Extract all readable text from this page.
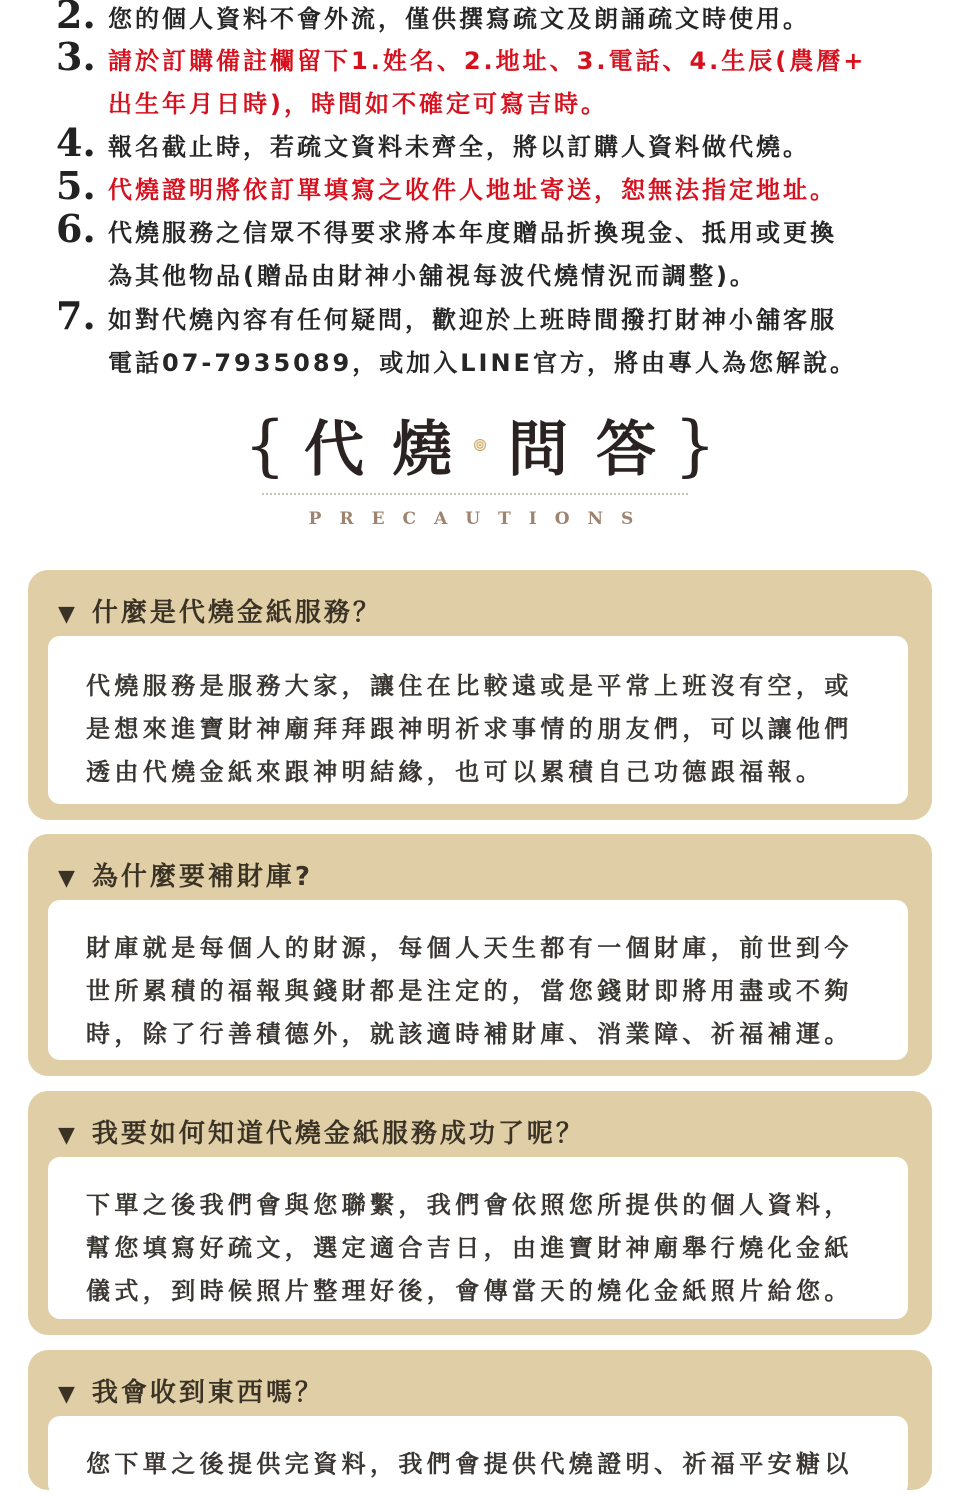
2. 您的個人資料不會外流，僅供撰寫疏文及朗誦疏文時使用。
3. 請於訂購備註欄留下1.姓名、2.地址、3.電話、4.生辰(農曆+
出生年月日時)，時間如不確定可寫吉時。
4. 報名截止時，若疏文資料未齊全，將以訂購人資料做代燒。
5. 代燒證明將依訂單填寫之收件人地址寄送，恕無法指定地址。
6. 代燒服務之信眾不得要求將本年度贈品折換現金、抵用或更換
為其他物品(贈品由財神小舖視每波代燒情況而調整)。
7. 如對代燒內容有任何疑問，歡迎於上班時間撥打財神小舖客服
電話07-7935089，或加入LINE官方，將由專人為您解說。
{ 代 燒 問 答 }
PRECAUTIONS
▼ 什麼是代燒金紙服務？
代燒服務是服務大家，讓住在比較遠或是平常上班沒有空，或
是想來進寶財神廟拜拜跟神明祈求事情的朋友們，可以讓他們
透由代燒金紙來跟神明結緣，也可以累積自己功德跟福報。
▼ 為什麼要補財庫?
財庫就是每個人的財源，每個人天生都有一個財庫，前世到今
世所累積的福報與錢財都是注定的，當您錢財即將用盡或不夠
時，除了行善積德外，就該適時補財庫、消業障、祈福補運。
▼ 我要如何知道代燒金紙服務成功了呢？
下單之後我們會與您聯繫，我們會依照您所提供的個人資料，
幫您填寫好疏文，選定適合吉日，由進寶財神廟舉行燒化金紙
儀式，到時候照片整理好後，會傳當天的燒化金紙照片給您。
▼ 我會收到東西嗎？
您下單之後提供完資料，我們會提供代燒證明、祈福平安糖以
